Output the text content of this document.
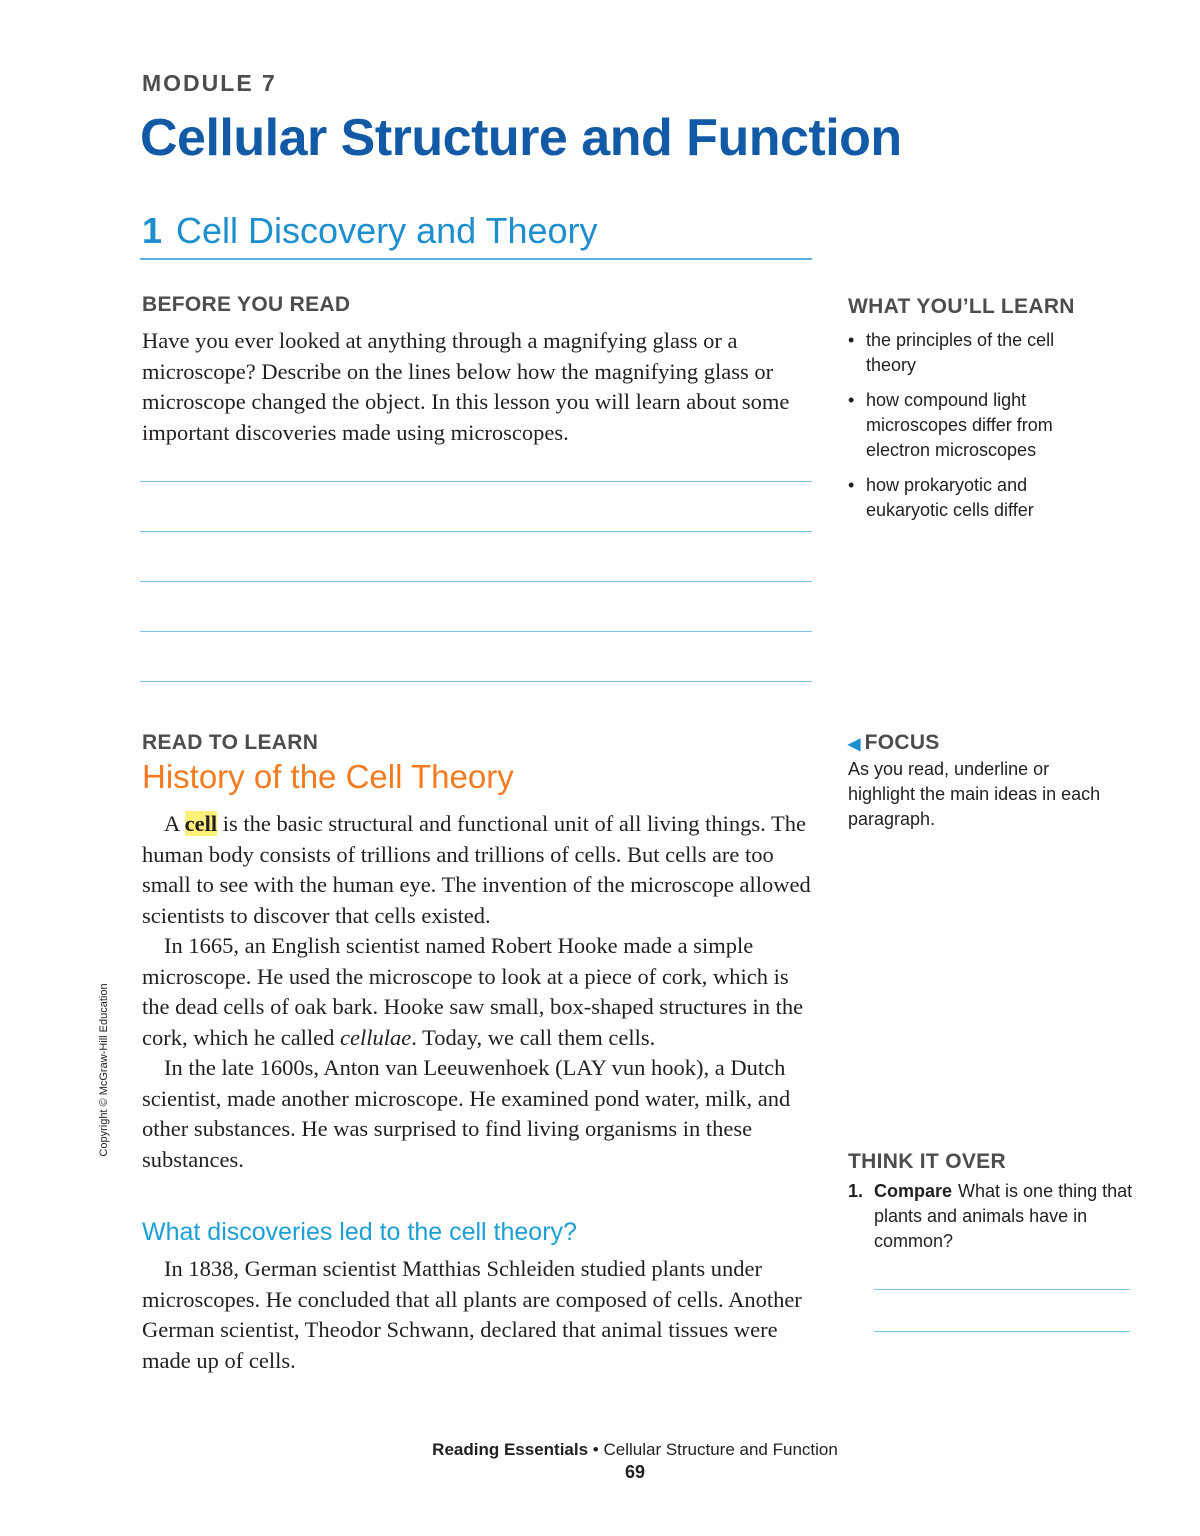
MODULE 7
Cellular Structure and Function
1 Cell Discovery and Theory
BEFORE YOU READ
Have you ever looked at anything through a magnifying glass or a microscope? Describe on the lines below how the magnifying glass or microscope changed the object. In this lesson you will learn about some important discoveries made using microscopes.
WHAT YOU’LL LEARN
• the principles of the cell theory
• how compound light microscopes differ from electron microscopes
• how prokaryotic and eukaryotic cells differ
READ TO LEARN
History of the Cell Theory

A cell is the basic structural and functional unit of all living things. The human body consists of trillions and trillions of cells. But cells are too small to see with the human eye. The invention of the microscope allowed scientists to discover that cells existed.

In 1665, an English scientist named Robert Hooke made a simple microscope. He used the microscope to look at a piece of cork, which is the dead cells of oak bark. Hooke saw small, box-shaped structures in the cork, which he called cellulae. Today, we call them cells.

In the late 1600s, Anton van Leeuwenhoek (LAY vun hook), a Dutch scientist, made another microscope. He examined pond water, milk, and other substances. He was surprised to find living organisms in these substances.

What discoveries led to the cell theory?

In 1838, German scientist Matthias Schleiden studied plants under microscopes. He concluded that all plants are composed of cells. Another German scientist, Theodor Schwann, declared that animal tissues were made up of cells.

◀ FOCUS
As you read, underline or highlight the main ideas in each paragraph.
THINK IT OVER
1. Compare What is one thing that plants and animals have in common?
Copyright © McGraw-Hill Education
Reading Essentials • Cellular Structure and Function
69
